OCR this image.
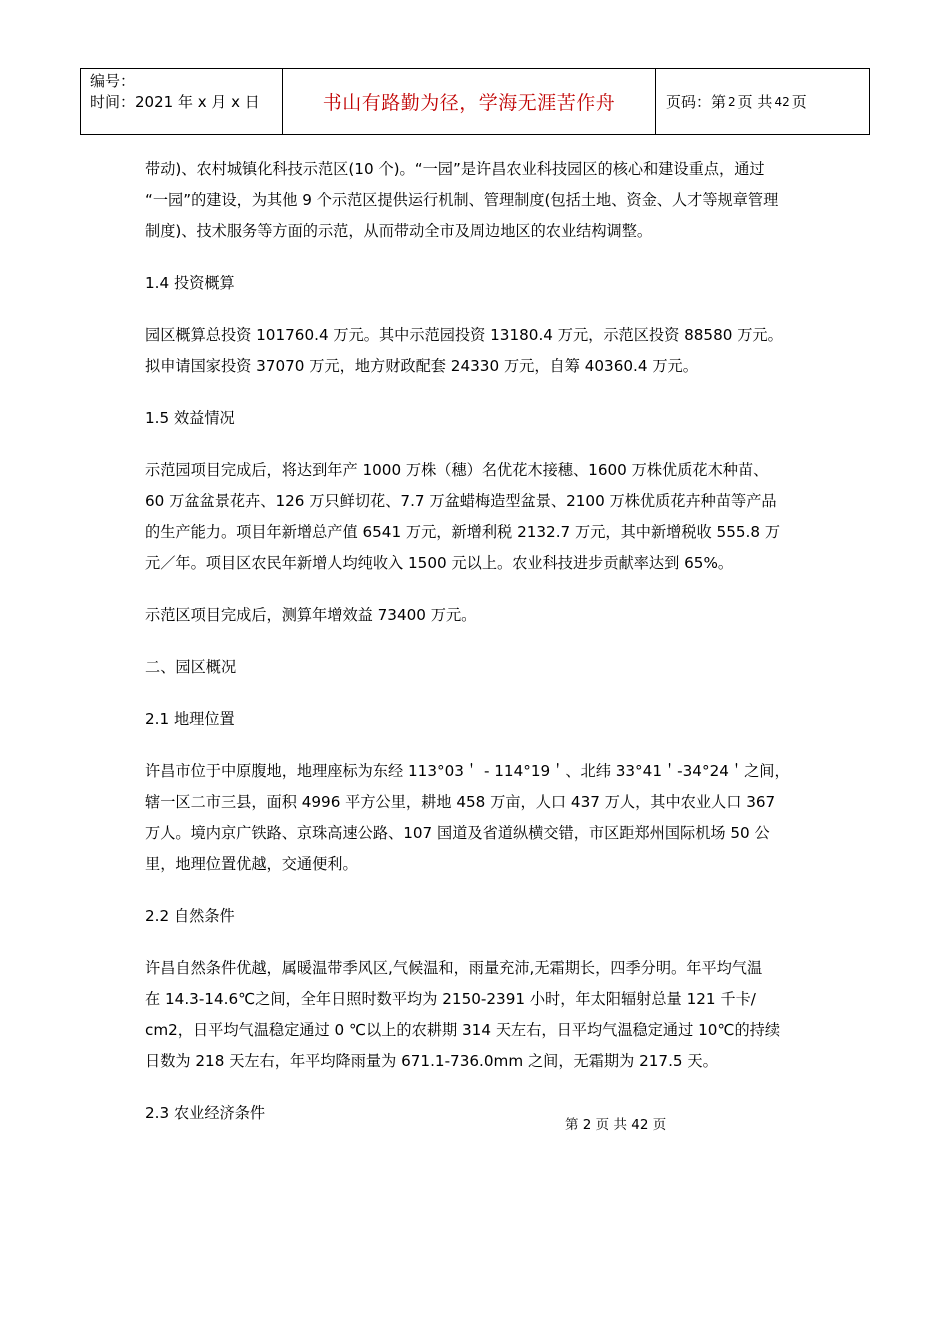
编号：
时间：2021 年 x 月 x 日	书山有路勤为径，学海无涯苦作舟	页码：第 2 页 共 42 页

带动)、农村城镇化科技示范区(10 个)。“一园”是许昌农业科技园区的核心和建设重点，通过

“一园”的建设，为其他 9 个示范区提供运行机制、管理制度(包括土地、资金、人才等规章管理

制度)、技术服务等方面的示范，从而带动全市及周边地区的农业结构调整。

1.4 投资概算

园区概算总投资 101760.4 万元。其中示范园投资 13180.4 万元，示范区投资 88580 万元。

拟申请国家投资 37070 万元，地方财政配套 24330 万元，自筹 40360.4 万元。

1.5 效益情况

示范园项目完成后，将达到年产 1000 万株（穗）名优花木接穗、1600 万株优质花木种苗、

60 万盆盆景花卉、126 万只鲜切花、7.7 万盆蜡梅造型盆景、2100 万株优质花卉种苗等产品

的生产能力。项目年新增总产值 6541 万元，新增利税 2132.7 万元，其中新增税收 555.8 万

元／年。项目区农民年新增人均纯收入 1500 元以上。农业科技进步贡献率达到 65%。

示范区项目完成后，测算年增效益 73400 万元。

二、园区概况

2.1 地理位置

许昌市位于中原腹地，地理座标为东经 113°03＇ - 114°19＇、北纬 33°41＇-34°24＇之间，

辖一区二市三县，面积 4996 平方公里，耕地 458 万亩，人口 437 万人，其中农业人口 367

万人。境内京广铁路、京珠高速公路、107 国道及省道纵横交错，市区距郑州国际机场 50 公

里，地理位置优越，交通便利。

2.2 自然条件

许昌自然条件优越，属暖温带季风区,气候温和，雨量充沛,无霜期长，四季分明。年平均气温

在 14.3-14.6℃之间，全年日照时数平均为 2150-2391 小时，年太阳辐射总量 121 千卡/

cm2，日平均气温稳定通过 0 ℃以上的农耕期 314 天左右，日平均气温稳定通过 10℃的持续

日数为 218 天左右，年平均降雨量为 671.1-736.0mm 之间，无霜期为 217.5 天。

2.3 农业经济条件

第 2 页 共 42 页
